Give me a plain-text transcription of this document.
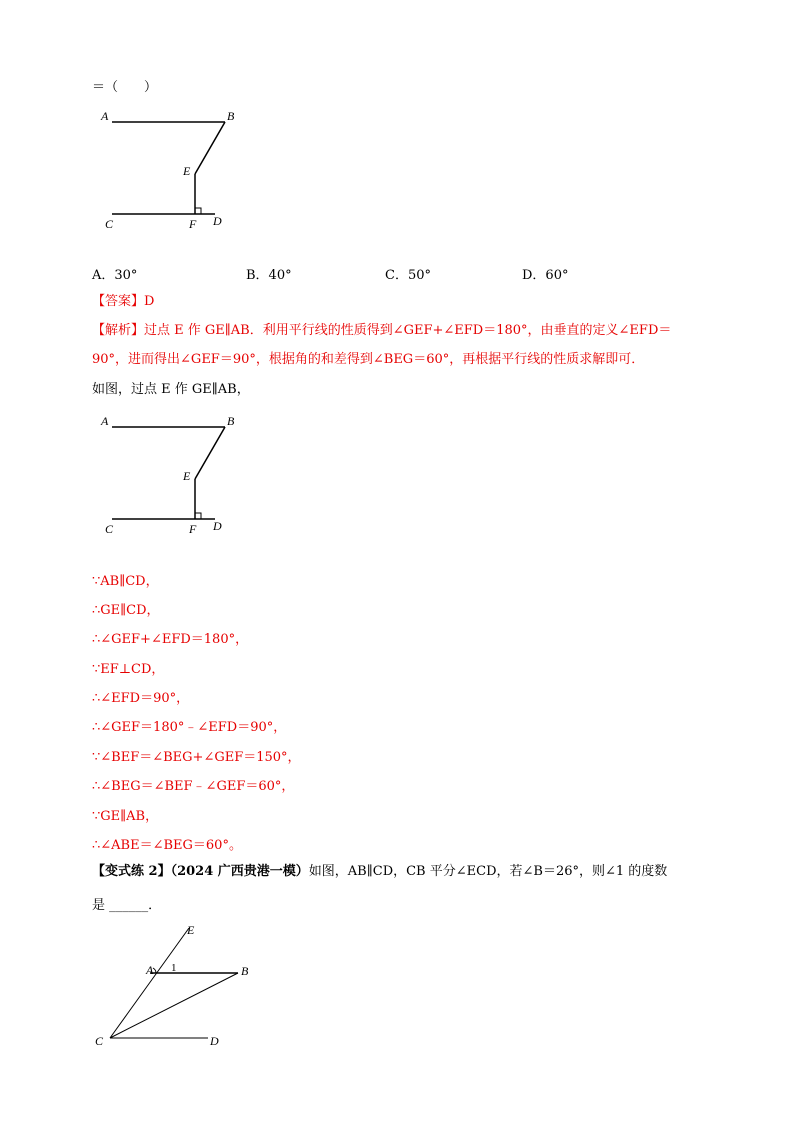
＝（　　）
A	B
E
C	F D
A．30°	B．40°	C．50°	D．60°
【答案】D
【解析】过点 E 作 GE∥AB．利用平行线的性质得到∠GEF+∠EFD＝180°，由垂直的定义∠EFD＝
90°，进而得出∠GEF＝90°，根据角的和差得到∠BEG＝60°，再根据平行线的性质求解即可．
如图，过点 E 作 GE∥AB，
A	B
E
C	F D
∵AB∥CD，
∴GE∥CD，
∴∠GEF+∠EFD＝180°，
∵EF⊥CD，
∴∠EFD＝90°，
∴∠GEF＝180°﹣∠EFD＝90°，
∵∠BEF＝∠BEG+∠GEF＝150°，
∴∠BEG＝∠BEF﹣∠GEF＝60°，
∵GE∥AB，
∴∠ABE＝∠BEG＝60°。
【变式练 2】（2024 广西贵港一模）如图，AB∥CD，CB 平分∠ECD，若∠B＝26°，则∠1 的度数
是 ______．
E
A 1	B
C	D
